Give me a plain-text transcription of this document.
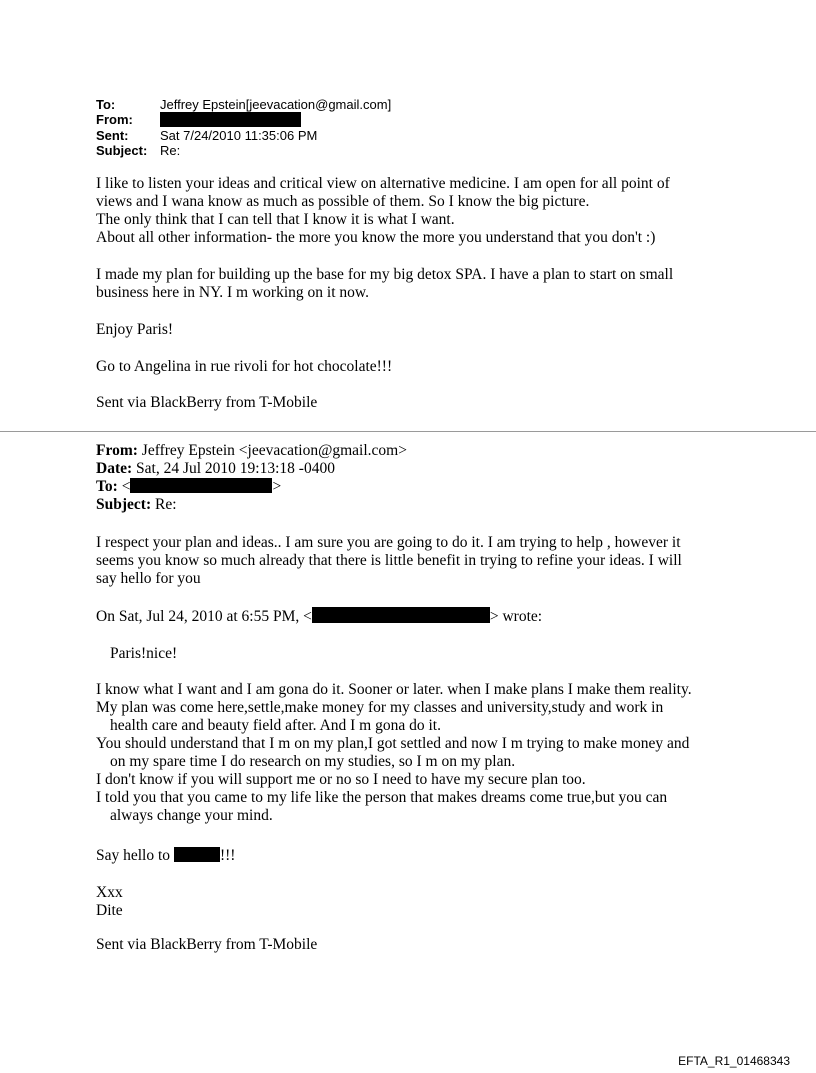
To:	Jeffrey Epstein[jeevacation@gmail.com]
From:
Sent: Sat 7/24/2010 11:35:06 PM
Subject: Re:
I like to listen your ideas and critical view on alternative medicine. I am open for all point of
views and I wana know as much as possible of them. So I know the big picture.
The only think that I can tell that I know it is what I want.
About all other information- the more you know the more you understand that you don't :)
I made my plan for building up the base for my big detox SPA. I have a plan to start on small
business here in NY. I m working on it now.
Enjoy Paris!
Go to Angelina in rue rivoli for hot chocolate!!!
Sent via BlackBerry from T-Mobile
From: Jeffrey Epstein <jeevacation@gmail.com>
Date: Sat, 24 Jul 2010 19:13:18 -0400
To: <	>
Subject: Re:
I respect your plan and ideas.. I am sure you are going to do it. I am trying to help , however it
seems you know so much already that there is little benefit in trying to refine your ideas. I will
say hello for you
On Sat, Jul 24, 2010 at 6:55 PM, <	> wrote:
Paris!nice!
I know what I want and I am gona do it. Sooner or later. when I make plans I make them reality.
My plan was come here,settle,make money for my classes and university,study and work in
health care and beauty field after. And I m gona do it.
You should understand that I m on my plan,I got settled and now I m trying to make money and
on my spare time I do research on my studies, so I m on my plan.
I don't know if you will support me or no so I need to have my secure plan too.
I told you that you came to my life like the person that makes dreams come true,but you can
always change your mind.
Say hello to	!!!
Xxx
Dite
Sent via BlackBerry from T-Mobile
EFTA_R1_01468343
